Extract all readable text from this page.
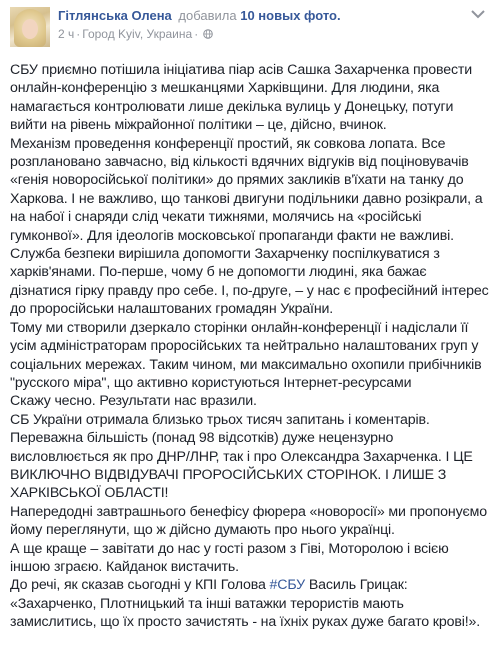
Гітлянська Олена добавила 10 новых фото.
2 ч · Город Kyiv, Украина ·

СБУ приємно потішила ініціатива піар асів Сашка Захарченка провести онлайн-конференцію з мешканцями Харківщини. Для людини, яка намагається контролювати лише декілька вулиць у Донецьку, потуги вийти на рівень міжрайонної політики – це, дійсно, вчинок.

Механізм проведення конференції простий, як совкова лопата. Все розплановано завчасно, від кількості вдячних відгуків від поціновувачів «генія новоросійської політики» до прямих закликів в'їхати на танку до Харкова. І не важливо, що танкові двигуни подільники давно розікрали, а на набої і снаряди слід чекати тижнями, молячись на «російські гумконвої». Для ідеологів московської пропаганди факти не важливі.

Служба безпеки вирішила допомогти Захарченку поспілкуватися з харків'янами. По-перше, чому б не допомогти людині, яка бажає дізнатися гірку правду про себе. І, по-друге, – у нас є професійний інтерес до проросійськи налаштованих громадян України.

Тому ми створили дзеркало сторінки онлайн-конференції і надіслали її усім адміністраторам проросійських та нейтрально налаштованих груп у соціальних мережах. Таким чином, ми максимально охопили прибічників "русского міра", що активно користуються Інтернет-ресурсами

Скажу чесно. Результати нас вразили.

СБ України отримала близько трьох тисяч запитань і коментарів.

Переважна більшість (понад 98 відсотків) дуже нецензурно висловлюється як про ДНР/ЛНР, так і про Олександра Захарченка. І ЦЕ ВИКЛЮЧНО ВІДВІДУВАЧІ ПРОРОСІЙСЬКИХ СТОРІНОК. І ЛИШЕ З ХАРКІВСЬКОЇ ОБЛАСТІ!

Напередодні завтрашнього бенефісу фюрера «новоросії» ми пропонуємо йому переглянути, що ж дійсно думають про нього українці.

А ще краще – завітати до нас у гості разом з Гіві, Моторолою і всією іншою зграєю. Кайданок вистачить.

До речі, як сказав сьогодні у КПІ Голова #СБУ Василь Грицак:

«Захарченко, Плотницький та інші ватажки терористів мають замислитись, що їх просто зачистять - на їхніх руках дуже багато крові!».
